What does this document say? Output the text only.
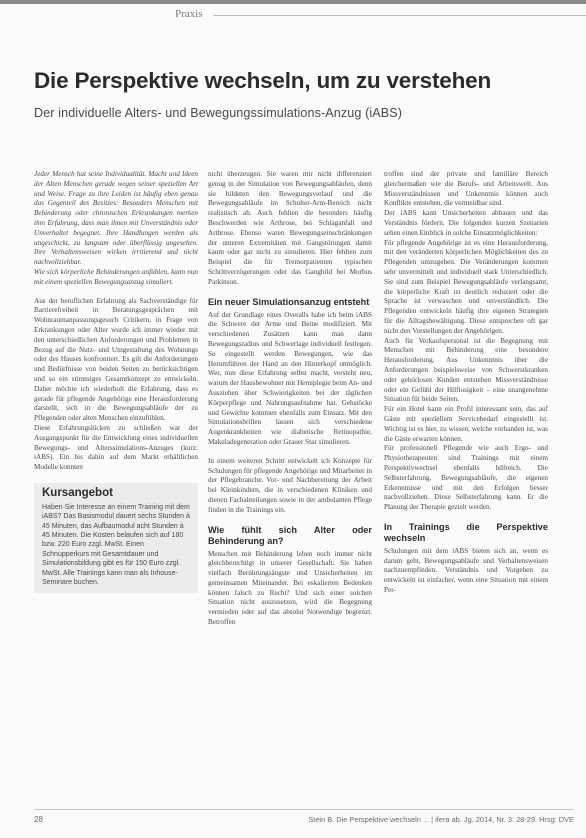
Praxis
Die Perspektive wechseln, um zu verstehen
Der individuelle Alters- und Bewegungssimulations-Anzug (iABS)

Jeder Mensch hat seine Individualität. Macht und Ideen der Alten Menschen gerade wegen seiner speziellen Art und Weise. Frage zu ihre Leiden ist häufig eben genau das Gegenteil des Besitzes: Besonders Menschen mit Behinderung oder chronischen Erkrankungen merken ihre Erfahrung, dass man ihnen mit Unverständnis oder Unverhaltet begegnet. Ihre Handlungen werden als ungeschickt, zu langsam oder überflüssig angesehen. Ihre Verhaltensweisen wirken irritierend und nicht nachvollziehbar.

Wie sich körperliche Behinderungen anfühlen, kann nun mit einem speziellen Bewegungsanzug simuliert.

Aus der beruflichen Erfahrung als Sachverständige für Barrierefreiheit in Beratungsgesprächen mit Wohnraumanpassungsgesuch Critikern, in Frage von Erkrankungen oder Alter wurde ich immer wieder mit den unterschiedlichen Anforderungen und Problemen in Bezug auf die Nutz- und Umgestaltung des Wohnungs oder des Hauses konfrontiert. Es gilt die Anforderungen und Bedürfnisse von beiden Seiten zu berücksichtigen und so ein stimmiges Gesamtkonzept zu entwickeln. Daher möchte ich wiederholt die Erfahrung, dass es gerade für pflegende Angehörige eine Herausforderung darstellt, sich in die Bewegungsabläufe der zu Pflegenden oder alten Menschen einzufühlen.

Diese Erfahrungslücken zu schließen war der Ausgangspunkt für die Entwicklung eines individuellen Bewegungs- und Alterssimulations-Anzuges (kurz: iABS). Ein bis dahin auf dem Markt erhältlichen Modelle konnten

Kursangebot

Haben Sie Interesse an einem Training mit dem iABS? Das Basismodul dauert sechs Stunden à 45 Minuten, das Aufbaumodul acht Stunden à 45 Minuten. Die Kosten belaufen sich auf 180 bzw. 220 Euro zzgl. MwSt. Einen Schnupperkurs mit Gesamtdauer und Simulationsbildung gibt es für 150 Euro zzgl. MwSt. Alle Trainings kann man als Inhouse-Seminare buchen.

nicht überzeugen. Sie waren mir nicht differenziert genug in der Simulation von Bewegungsabläufen, denn sie bildeten den Bewegungsverlauf und die Bewegungsabläufe im Schulter-Arm-Bereich nicht realistisch ab. Auch fehlten die besonders häufig Beschwerden wie Arthrose, bei Schlaganfall und Arthrose. Ebenso waren Bewegungseinschränkungen der unteren Extremitäten mit Gangstörungen damit kaum oder gar nicht zu simulieren. Hier fehlten zum Beispiel die für Tremorpatienten typischen Schrittverzögerungen oder das Gangbild bei Morbus Parkinson.

Ein neuer Simulationsanzug entsteht

Auf der Grundlage eines Overalls habe ich beim iABS die Schwere der Arme und Beine modifiziert. Mit verschiedenen Zusätzen kann man dann Bewegungsradius und Schwerlage individuell festlegen. So eingestellt werden Bewegungen, wie das Herumführen der Hand an den Hinterkopf unmöglich. Wer, nun diese Erfahrung selbst macht, versteht neu, warum der Hausbewohner mit Hemiplegie beim An- und Ausziehen über Schwierigkeiten bei der täglichen Körperpflege und Nahrungsaufnahme hat. Gehstöcke und Gewichte kommen ebenfalls zum Einsatz. Mit den Simulationsbrillen lassen sich verschiedene Augenkrankheiten wie diabetische Retinopathie, Makuladegeneration oder Grauer Star simulieren.

In einem weiteren Schritt entwickelt ich Konzepte für Schulungen für pflegende Angehörige und Mitarbeiter in der Pflegebranche. Vor- und Nachbereitung der Arbeit bei Kleinkindern, die in verschiedenen Kliniken und dienen Fachabteilungen sowie in der ambulanten Pflege finden in die Trainings ein.

Wie fühlt sich Alter oder Behinderung an?

Menschen mit Behinderung leben noch immer nicht gleichberechtigt in unserer Gesellschaft. Sie haben vielfach Berührungsängste und Unsicherheiten im gemeinsamen Miteinander. Bei eskalierten Bedenken können falsch zu Recht? Und sich einer solchen Situation nicht auszusetzen, wird die Begegnung vermieden oder auf das absolut Notwendige begrenzt. Betroffen

troffen sind der private und familiäre Bereich gleichermaßen wie die Berufs- und Arbeitswelt. Aus Missverständnissen und Unkenntnis können auch Konflikte entstehen, die vermeidbar sind.

Der iABS kann Unsicherheiten abbauen und das Verständnis fördern. Die folgenden kurzen Szenarien sehen einen Einblick in solche Einsatzmöglichkeiten:

Für pflegende Angehörige ist es eine Herausforderung, mit den veränderten körperlichen Möglichkeiten des zu Pflegenden umzugehen. Die Veränderungen kommen sehr unvermittelt und individuell stark Unterschiedlich. Sie sind zum Beispiel Bewegungsabläufe verlangsamt, die körperliche Kraft ist deutlich reduziert oder die Sprache ist verwaschen und unverständlich. Die Pflegenden entwickeln häufig ihre eigenen Strategien für die Alltagsbewältigung. Diese entsprechen oft gar nicht den Vorstellungen der Angehörigen.

Auch für Verkaufspersonal ist die Begegnung mit Menschen mit Behinderung eine besondere Herausforderung. Aus Unkenntnis über die Anforderungen beispielsweise von Schwerstkranken oder gehörlosen Kunden entstehen Missverständnisse oder ein Gefühl der Hilflosigkeit – eine unangenehme Situation für beide Seiten.

Für ein Hotel kann ein Profil interessant sein, das auf Gäste mit speziellem Servicebedarf eingestellt ist. Wichtig ist es hier, zu wissen, welche vorhanden ist, was die Gäste erwarten können.

Für professionell Pflegende wie auch Ergo- und Physiotherapeuten sind Trainings mit einem Perspektivwechsel ebenfalls hilfreich. Die Selbsterfahrung, Bewegungsabläufe, die eigenen Erkenntnisse und mit den Erfolgen besser nachvollziehen. Diese Selbsterfahrung kann. Er die Planung der Therapie gezielt werden.

In Trainings die Perspektive wechseln

Schulungen mit dem iABS bieten sich an, wenn es darum geht, Bewegungsabläufe und Verhaltensweisen nachzuempfinden. Verständnis und Vorgehen zu entwickeln ist einfacher, wenn eine Situation mit einem Per-

28	Stein B. Die Perspektive wechseln ... | ifera ab. Jg. 2014, Nr. 3: 28-29. Hrsg: DVE
